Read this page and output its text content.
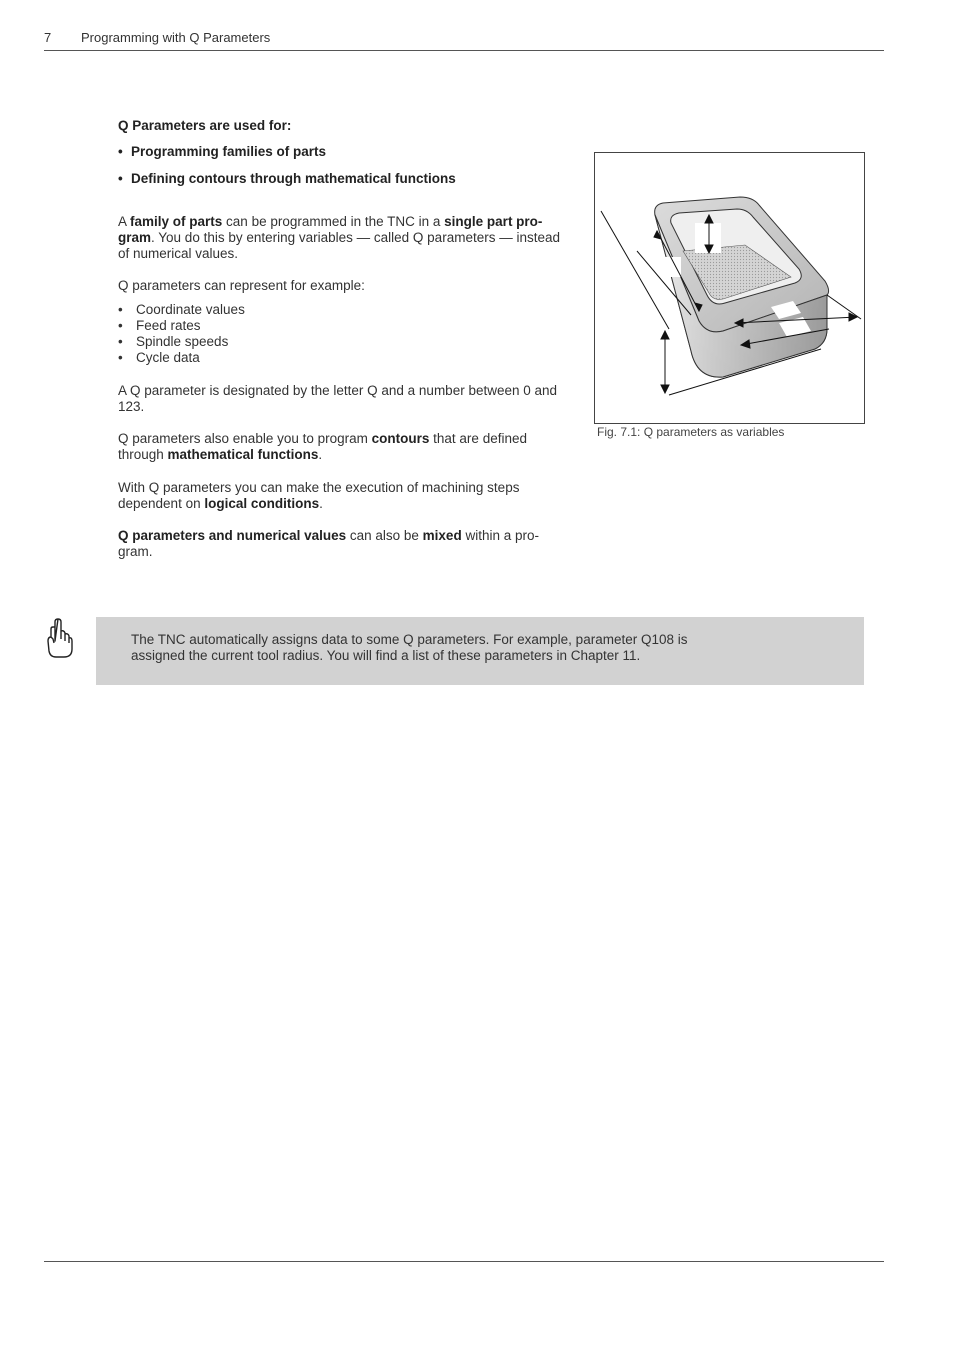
7 Programming with Q Parameters
Q Parameters are used for:
• Programming families of parts
• Defining contours through mathematical functions
A family of parts can be programmed in the TNC in a single part pro-
gram. You do this by entering variables — called Q parameters — instead
of numerical values.
Q parameters can represent for example:
• Coordinate values
• Feed rates
• Spindle speeds
• Cycle data
A Q parameter is designated by the letter Q and a number between 0 and
123.
Q parameters also enable you to program contours that are defined
through mathematical functions.
With Q parameters you can make the execution of machining steps
dependent on logical conditions.
Q parameters and numerical values can also be mixed within a pro-
gram.
Fig. 7.1: Q parameters as variables
The TNC automatically assigns data to some Q parameters. For example, parameter Q108 is
assigned the current tool radius. You will find a list of these parameters in Chapter 11.
